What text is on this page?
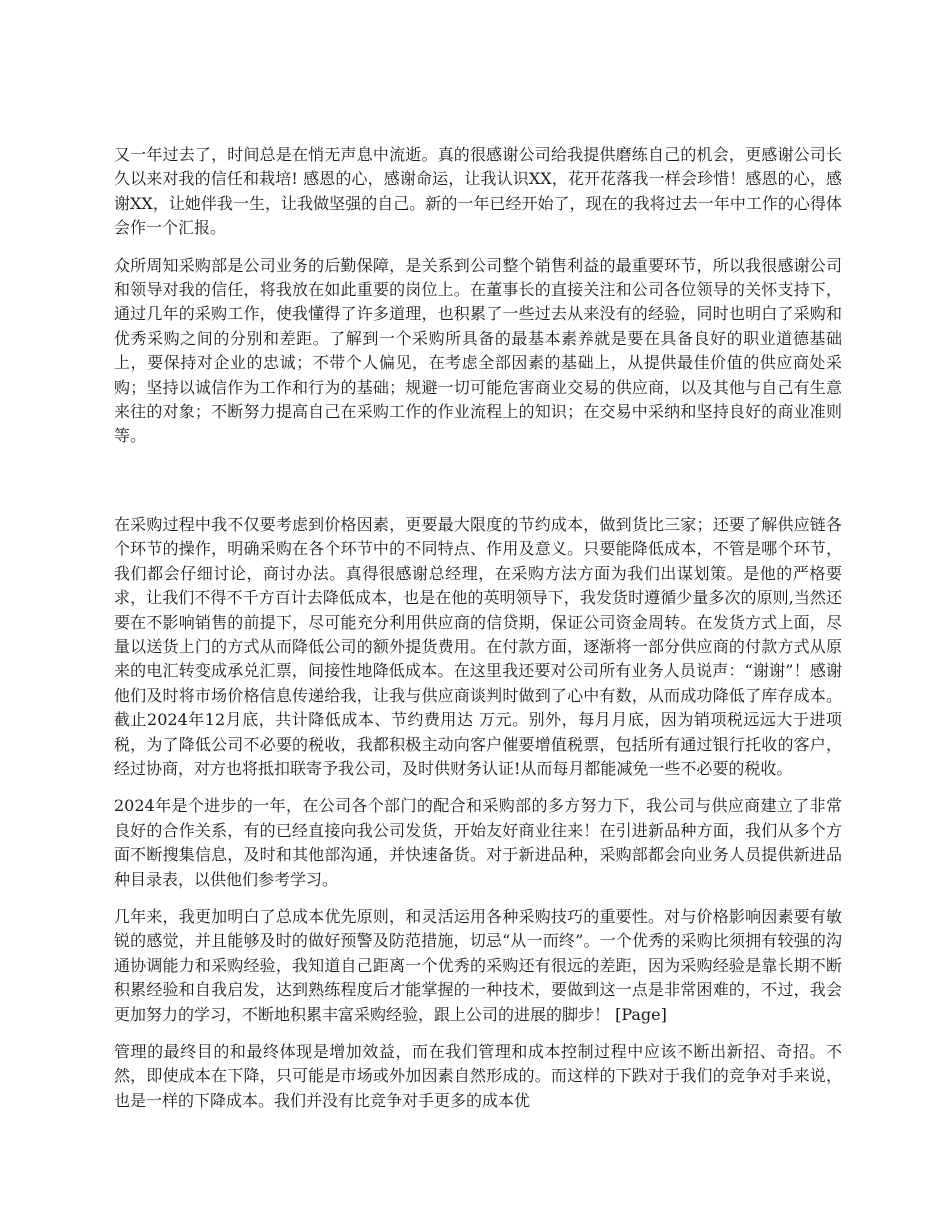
又一年过去了，时间总是在悄无声息中流逝。真的很感谢公司给我提供磨练自己的机会，更感谢公司长久以来对我的信任和栽培! 感恩的心，感谢命运，让我认识XX，花开花落我一样会珍惜！感恩的心，感谢XX，让她伴我一生，让我做坚强的自己。新的一年已经开始了，现在的我将过去一年中工作的心得体会作一个汇报。

众所周知采购部是公司业务的后勤保障，是关系到公司整个销售利益的最重要环节，所以我很感谢公司和领导对我的信任，将我放在如此重要的岗位上。在董事长的直接关注和公司各位领导的关怀支持下，通过几年的采购工作，使我懂得了许多道理，也积累了一些过去从来没有的经验，同时也明白了采购和优秀采购之间的分别和差距。了解到一个采购所具备的最基本素养就是要在具备良好的职业道德基础上，要保持对企业的忠诚；不带个人偏见，在考虑全部因素的基础上，从提供最佳价值的供应商处采购；坚持以诚信作为工作和行为的基础；规避一切可能危害商业交易的供应商，以及其他与自己有生意来往的对象；不断努力提高自己在采购工作的作业流程上的知识；在交易中采纳和坚持良好的商业准则等。

在采购过程中我不仅要考虑到价格因素，更要最大限度的节约成本，做到货比三家；还要了解供应链各个环节的操作，明确采购在各个环节中的不同特点、作用及意义。只要能降低成本，不管是哪个环节，我们都会仔细讨论，商讨办法。真得很感谢总经理，在采购方法方面为我们出谋划策。是他的严格要求，让我们不得不千方百计去降低成本，也是在他的英明领导下，我发货时遵循少量多次的原则,当然还要在不影响销售的前提下，尽可能充分利用供应商的信贷期，保证公司资金周转。在发货方式上面，尽量以送货上门的方式从而降低公司的额外提货费用。在付款方面，逐渐将一部分供应商的付款方式从原来的电汇转变成承兑汇票，间接性地降低成本。在这里我还要对公司所有业务人员说声：“谢谢”！感谢他们及时将市场价格信息传递给我，让我与供应商谈判时做到了心中有数，从而成功降低了库存成本。截止2024年12月底，共计降低成本、节约费用达 万元。别外，每月月底，因为销项税远远大于进项税，为了降低公司不必要的税收，我都积极主动向客户催要增值税票，包括所有通过银行托收的客户，经过协商，对方也将抵扣联寄予我公司，及时供财务认证!从而每月都能减免一些不必要的税收。

2024年是个进步的一年，在公司各个部门的配合和采购部的多方努力下，我公司与供应商建立了非常良好的合作关系，有的已经直接向我公司发货，开始友好商业往来！在引进新品种方面，我们从多个方面不断搜集信息，及时和其他部沟通，并快速备货。对于新进品种，采购部都会向业务人员提供新进品种目录表，以供他们参考学习。

几年来，我更加明白了总成本优先原则，和灵活运用各种采购技巧的重要性。对与价格影响因素要有敏锐的感觉，并且能够及时的做好预警及防范措施，切忌“从一而终”。一个优秀的采购比须拥有较强的沟通协调能力和采购经验，我知道自己距离一个优秀的采购还有很远的差距，因为采购经验是靠长期不断积累经验和自我启发，达到熟练程度后才能掌握的一种技术，要做到这一点是非常困难的，不过，我会更加努力的学习，不断地积累丰富采购经验，跟上公司的进展的脚步！ [Page]

管理的最终目的和最终体现是增加效益，而在我们管理和成本控制过程中应该不断出新招、奇招。不然，即使成本在下降，只可能是市场或外加因素自然形成的。而这样的下跌对于我们的竞争对手来说，也是一样的下降成本。我们并没有比竞争对手更多的成本优
